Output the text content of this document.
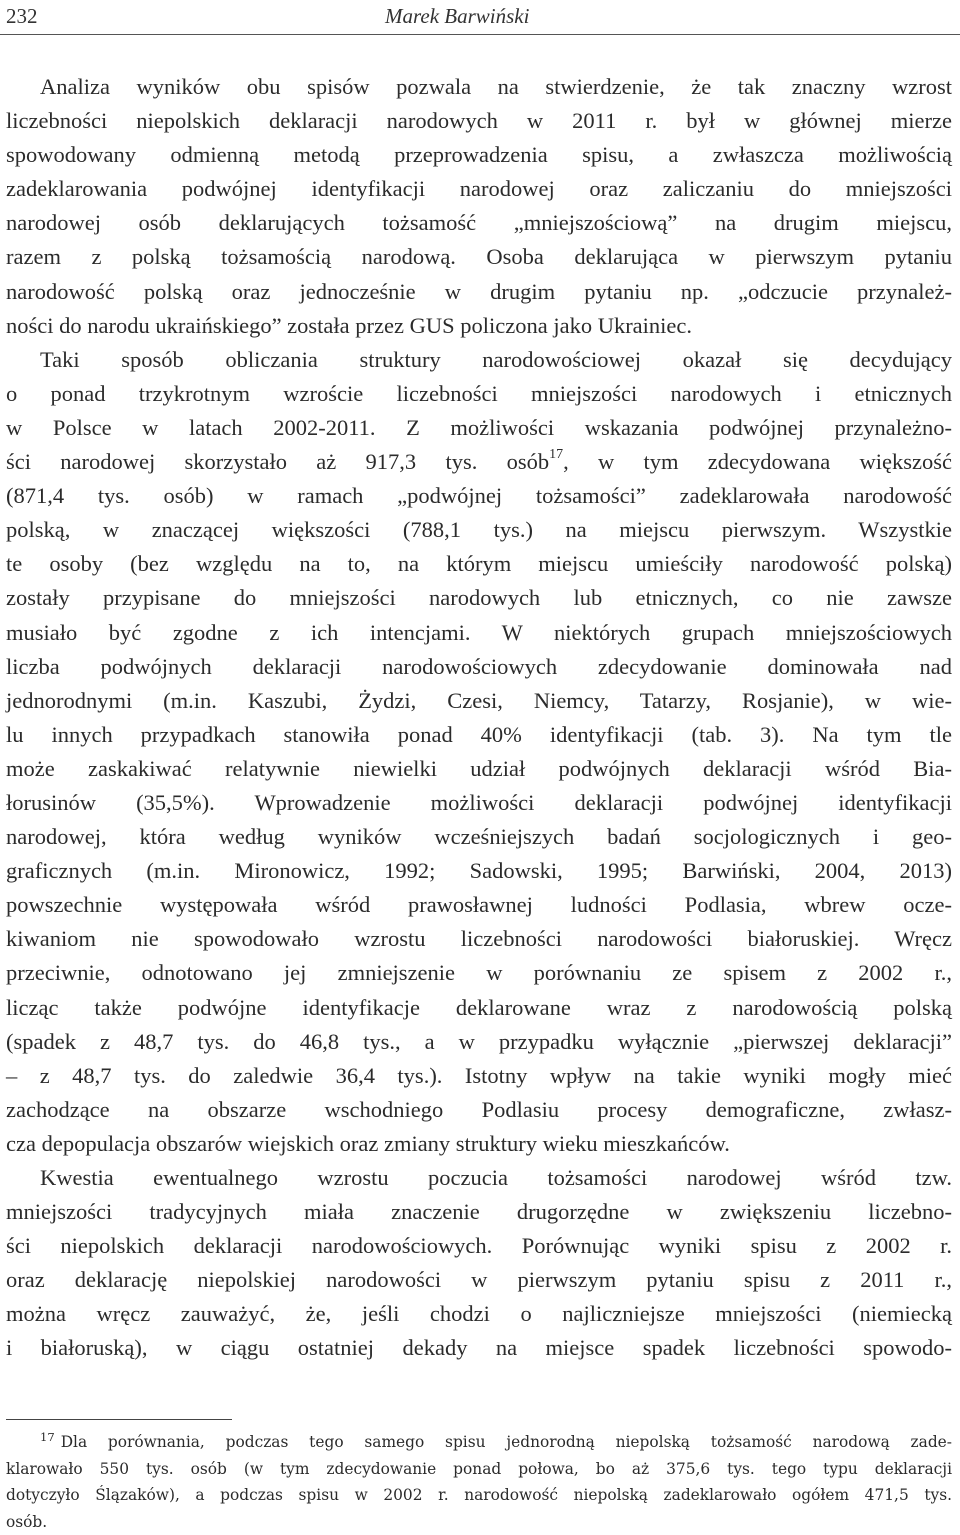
232	Marek Barwiński
Analiza wyników obu spisów pozwala na stwierdzenie, że tak znaczny wzrost
liczebności niepolskich deklaracji narodowych w 2011 r. był w głównej mierze
spowodowany odmienną metodą przeprowadzenia spisu, a zwłaszcza możliwością
zadeklarowania podwójnej identyfikacji narodowej oraz zaliczaniu do mniejszości
narodowej osób deklarujących tożsamość „mniejszościową” na drugim miejscu,
razem z polską tożsamością narodową. Osoba deklarująca w pierwszym pytaniu
narodowość polską oraz jednocześnie w drugim pytaniu np. „odczucie przynależ-
ności do narodu ukraińskiego” została przez GUS policzona jako Ukrainiec.
Taki sposób obliczania struktury narodowościowej okazał się decydujący
o ponad trzykrotnym wzroście liczebności mniejszości narodowych i etnicznych
w Polsce w latach 2002-2011. Z możliwości wskazania podwójnej przynależno-
ści narodowej skorzystało aż 917,3 tys. osób$^{17}$, w tym zdecydowana większość
(871,4 tys. osób) w ramach „podwójnej tożsamości” zadeklarowała narodowość
polską, w znaczącej większości (788,1 tys.) na miejscu pierwszym. Wszystkie
te osoby (bez względu na to, na którym miejscu umieściły narodowość polską)
zostały przypisane do mniejszości narodowych lub etnicznych, co nie zawsze
musiało być zgodne z ich intencjami. W niektórych grupach mniejszościowych
liczba podwójnych deklaracji narodowościowych zdecydowanie dominowała nad
jednorodnymi (m.in. Kaszubi, Żydzi, Czesi, Niemcy, Tatarzy, Rosjanie), w wie-
lu innych przypadkach stanowiła ponad 40% identyfikacji (tab. 3). Na tym tle
może zaskakiwać relatywnie niewielki udział podwójnych deklaracji wśród Bia-
łorusinów (35,5%). Wprowadzenie możliwości deklaracji podwójnej identyfikacji
narodowej, która według wyników wcześniejszych badań socjologicznych i geo-
graficznych (m.in. Mironowicz, 1992; Sadowski, 1995; Barwiński, 2004, 2013)
powszechnie występowała wśród prawosławnej ludności Podlasia, wbrew ocze-
kiwaniom nie spowodowało wzrostu liczebności narodowości białoruskiej. Wręcz
przeciwnie, odnotowano jej zmniejszenie w porównaniu ze spisem z 2002 r.,
licząc także podwójne identyfikacje deklarowane wraz z narodowością polską
(spadek z 48,7 tys. do 46,8 tys., a w przypadku wyłącznie „pierwszej deklaracji”
– z 48,7 tys. do zaledwie 36,4 tys.). Istotny wpływ na takie wyniki mogły mieć
zachodzące na obszarze wschodniego Podlasiu procesy demograficzne, zwłasz-
cza depopulacja obszarów wiejskich oraz zmiany struktury wieku mieszkańców.
Kwestia ewentualnego wzrostu poczucia tożsamości narodowej wśród tzw.
mniejszości tradycyjnych miała znaczenie drugorzędne w zwiększeniu liczebno-
ści niepolskich deklaracji narodowościowych. Porównując wyniki spisu z 2002 r.
oraz deklarację niepolskiej narodowości w pierwszym pytaniu spisu z 2011 r.,
można wręcz zauważyć, że, jeśli chodzi o najliczniejsze mniejszości (niemiecką
i białoruską), w ciągu ostatniej dekady na miejsce spadek liczebności spowodo-
$^{17}$ Dla porównania, podczas tego samego spisu jednorodną niepolską tożsamość narodową zade-
klarowało 550 tys. osób (w tym zdecydowanie ponad połowa, bo aż 375,6 tys. tego typu deklaracji
dotyczyło Ślązaków), a podczas spisu w 2002 r. narodowość niepolską zadeklarowało ogółem 471,5 tys.
osób.
